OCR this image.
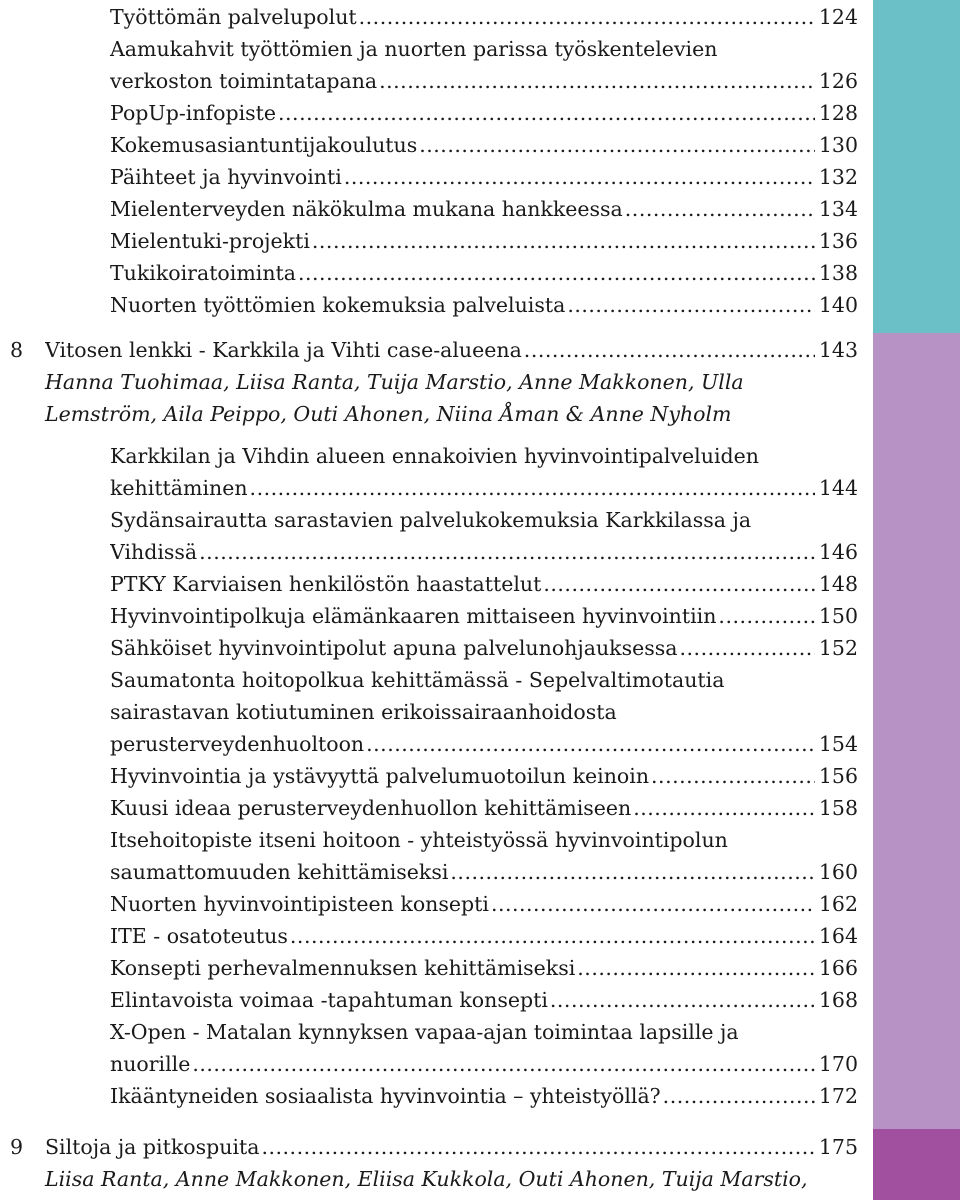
Työttömän palvelupolut .....	124
Aamukahvit työttömien ja nuorten parissa työskentelevien
verkoston toimintatapana .....	126
PopUp-infopiste .....	128
Kokemusasiantuntijakoulutus .....	130
Päihteet ja hyvinvointi .....	132
Mielenterveyden näkökulma mukana hankkeessa .....	134
Mielentuki-projekti .....	136
Tukikoiratoiminta .....	138
Nuorten työttömien kokemuksia palveluista .....	140
8 Vitosen lenkki - Karkkila ja Vihti case-alueena .....	143
Hanna Tuohimaa, Liisa Ranta, Tuija Marstio, Anne Makkonen, Ulla
Lemström, Aila Peippo, Outi Ahonen, Niina Åman & Anne Nyholm
Karkkilan ja Vihdin alueen ennakoivien hyvinvointipalveluiden
kehittäminen .....	144
Sydänsairautta sarastavien palvelukokemuksia Karkkilassa ja
Vihdissä .....	146
PTKY Karviaisen henkilöstön haastattelut .....	148
Hyvinvointipolkuja elämänkaaren mittaiseen hyvinvointiin .....	150
Sähköiset hyvinvointipolut apuna palvelunohjauksessa .....	152
Saumatonta hoitopolkua kehittämässä - Sepelvaltimotautia
sairastavan kotiutuminen erikoissairaanhoidosta
perusterveydenhuoltoon .....	154
Hyvinvointia ja ystävyyttä palvelumuotoilun keinoin .....	156
Kuusi ideaa perusterveydenhuollon kehittämiseen .....	158
Itsehoitopiste itseni hoitoon - yhteistyössä hyvinvointipolun
saumattomuuden kehittämiseksi .....	160
Nuorten hyvinvointipisteen konsepti .....	162
ITE - osatoteutus .....	164
Konsepti perhevalmennuksen kehittämiseksi .....	166
Elintavoista voimaa -tapahtuman konsepti .....	168
X-Open - Matalan kynnyksen vapaa-ajan toimintaa lapsille ja
nuorille .....	170
Ikääntyneiden sosiaalista hyvinvointia – yhteistyöllä? .....	172
9 Siltoja ja pitkospuita .....	175
Liisa Ranta, Anne Makkonen, Eliisa Kukkola, Outi Ahonen, Tuija Marstio,
